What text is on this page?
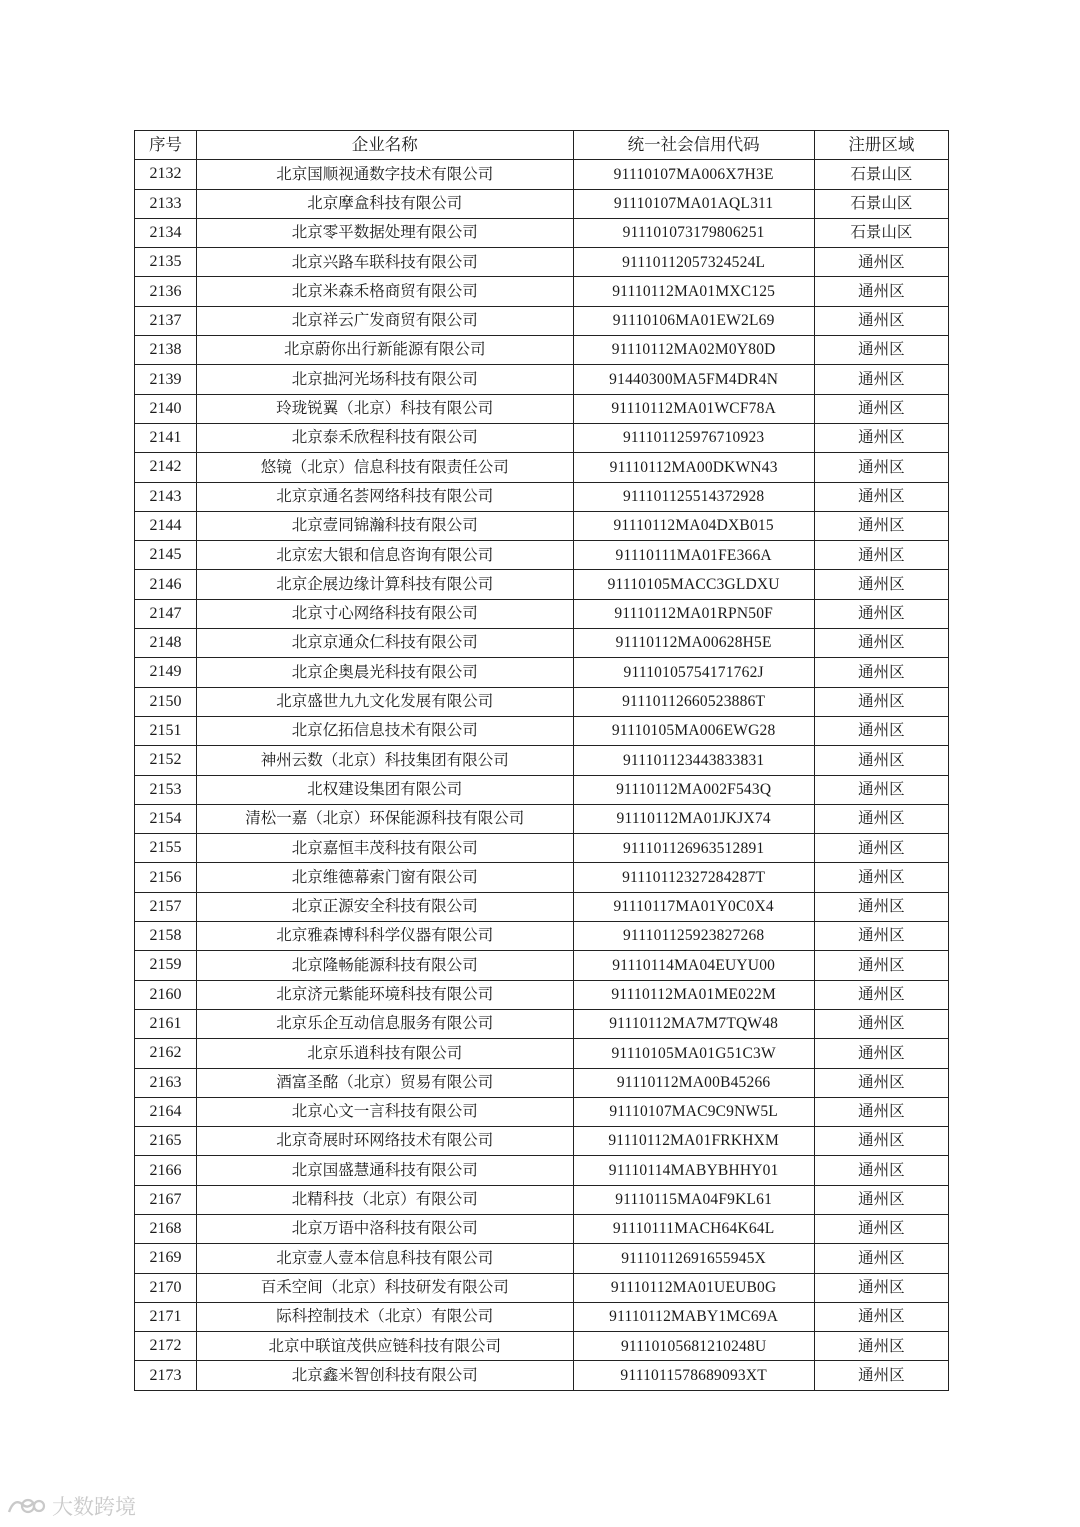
序号	企业名称	统一社会信用代码	注册区域
2132	北京国顺视通数字技术有限公司	91110107MA006X7H3E	石景山区
2133	北京摩盒科技有限公司	91110107MA01AQL311	石景山区
2134	北京零平数据处理有限公司	911101073179806251	石景山区
2135	北京兴路车联科技有限公司	91110112057324524L	通州区
2136	北京米森禾格商贸有限公司	91110112MA01MXC125	通州区
2137	北京祥云广发商贸有限公司	91110106MA01EW2L69	通州区
2138	北京蔚你出行新能源有限公司	91110112MA02M0Y80D	通州区
2139	北京拙河光场科技有限公司	91440300MA5FM4DR4N	通州区
2140	玲珑锐翼（北京）科技有限公司	91110112MA01WCF78A	通州区
2141	北京泰禾欣程科技有限公司	911101125976710923	通州区
2142	悠镜（北京）信息科技有限责任公司	91110112MA00DKWN43	通州区
2143	北京京通名荟网络科技有限公司	911101125514372928	通州区
2144	北京壹同锦瀚科技有限公司	91110112MA04DXB015	通州区
2145	北京宏大银和信息咨询有限公司	91110111MA01FE366A	通州区
2146	北京企展边缘计算科技有限公司	91110105MACC3GLDXU	通州区
2147	北京寸心网络科技有限公司	91110112MA01RPN50F	通州区
2148	北京京通众仁科技有限公司	91110112MA00628H5E	通州区
2149	北京企奥晨光科技有限公司	91110105754171762J	通州区
2150	北京盛世九九文化发展有限公司	91110112660523886T	通州区
2151	北京亿拓信息技术有限公司	91110105MA006EWG28	通州区
2152	神州云数（北京）科技集团有限公司	911101123443833831	通州区
2153	北权建设集团有限公司	91110112MA002F543Q	通州区
2154	清松一嘉（北京）环保能源科技有限公司	91110112MA01JKJX74	通州区
2155	北京嘉恒丰茂科技有限公司	911101126963512891	通州区
2156	北京维德幕索门窗有限公司	91110112327284287T	通州区
2157	北京正源安全科技有限公司	91110117MA01Y0C0X4	通州区
2158	北京雅森博科科学仪器有限公司	911101125923827268	通州区
2159	北京隆畅能源科技有限公司	91110114MA04EUYU00	通州区
2160	北京济元紫能环境科技有限公司	91110112MA01ME022M	通州区
2161	北京乐企互动信息服务有限公司	91110112MA7M7TQW48	通州区
2162	北京乐逍科技有限公司	91110105MA01G51C3W	通州区
2163	酒富圣酩（北京）贸易有限公司	91110112MA00B45266	通州区
2164	北京心文一言科技有限公司	91110107MAC9C9NW5L	通州区
2165	北京奇展时环网络技术有限公司	91110112MA01FRKHXM	通州区
2166	北京国盛慧通科技有限公司	91110114MABYBHHY01	通州区
2167	北精科技（北京）有限公司	91110115MA04F9KL61	通州区
2168	北京万语中洛科技有限公司	91110111MACH64K64L	通州区
2169	北京壹人壹本信息科技有限公司	91110112691655945X	通州区
2170	百禾空间（北京）科技研发有限公司	91110112MA01UEUB0G	通州区
2171	际科控制技术（北京）有限公司	91110112MABY1MC69A	通州区
2172	北京中联谊茂供应链科技有限公司	91110105681210248U	通州区
2173	北京鑫米智创科技有限公司	9111011578689093XT	通州区
大数跨境
